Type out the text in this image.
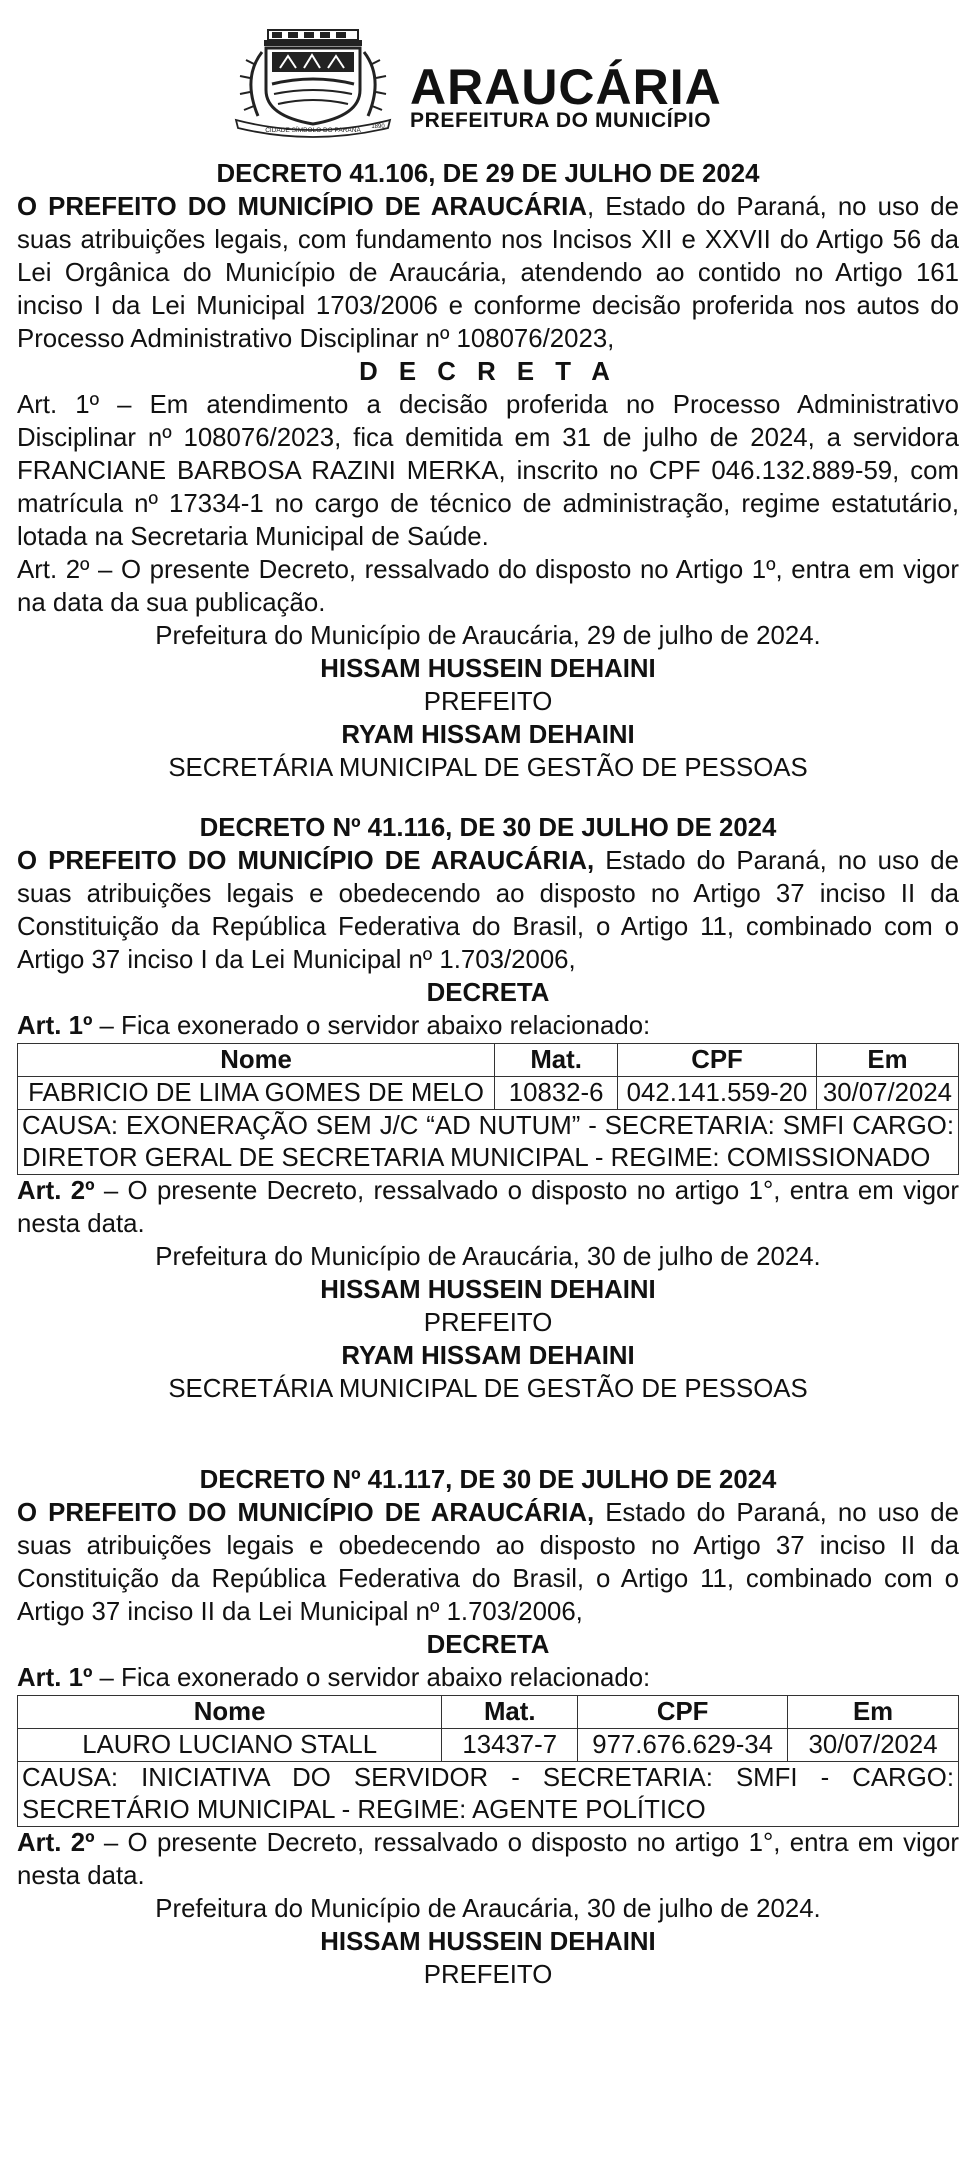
CIDADE SÍMBOLO DO PARANÁ 1890
ARAUCÁRIA
PREFEITURA DO MUNICÍPIO

DECRETO 41.106, DE 29 DE JULHO DE 2024

O PREFEITO DO MUNICÍPIO DE ARAUCÁRIA, Estado do Paraná, no uso de suas atribuições legais, com fundamento nos Incisos XII e XXVII do Artigo 56 da Lei Orgânica do Município de Araucária, atendendo ao contido no Artigo 161 inciso I da Lei Municipal 1703/2006 e conforme decisão proferida nos autos do Processo Administrativo Disciplinar nº 108076/2023,

D E C R E T A

Art. 1º – Em atendimento a decisão proferida no Processo Administrativo Disciplinar nº 108076/2023, fica demitida em 31 de julho de 2024, a servidora FRANCIANE BARBOSA RAZINI MERKA, inscrito no CPF 046.132.889-59, com matrícula nº 17334-1 no cargo de técnico de administração, regime estatutário, lotada na Secretaria Municipal de Saúde.

Art. 2º – O presente Decreto, ressalvado do disposto no Artigo 1º, entra em vigor na data da sua publicação.

Prefeitura do Município de Araucária, 29 de julho de 2024.

HISSAM HUSSEIN DEHAINI

PREFEITO

RYAM HISSAM DEHAINI

SECRETÁRIA MUNICIPAL DE GESTÃO DE PESSOAS

DECRETO Nº 41.116, DE 30 DE JULHO DE 2024

O PREFEITO DO MUNICÍPIO DE ARAUCÁRIA, Estado do Paraná, no uso de suas atribuições legais e obedecendo ao disposto no Artigo 37 inciso II da Constituição da República Federativa do Brasil, o Artigo 11, combinado com o Artigo 37 inciso I da Lei Municipal nº 1.703/2006,

DECRETA

Art. 1º – Fica exonerado o servidor abaixo relacionado:

Nome	Mat.	CPF	Em
FABRICIO DE LIMA GOMES DE MELO	10832-6	042.141.559-20	30/07/2024
CAUSA: EXONERAÇÃO SEM J/C “AD NUTUM” - SECRETARIA: SMFI CARGO: DIRETOR GERAL DE SECRETARIA MUNICIPAL - REGIME: COMISSIONADO			

Art. 2º – O presente Decreto, ressalvado o disposto no artigo 1°, entra em vigor nesta data.

Prefeitura do Município de Araucária, 30 de julho de 2024.

HISSAM HUSSEIN DEHAINI

PREFEITO

RYAM HISSAM DEHAINI

SECRETÁRIA MUNICIPAL DE GESTÃO DE PESSOAS

DECRETO Nº 41.117, DE 30 DE JULHO DE 2024

O PREFEITO DO MUNICÍPIO DE ARAUCÁRIA, Estado do Paraná, no uso de suas atribuições legais e obedecendo ao disposto no Artigo 37 inciso II da Constituição da República Federativa do Brasil, o Artigo 11, combinado com o Artigo 37 inciso II da Lei Municipal nº 1.703/2006,

DECRETA

Art. 1º – Fica exonerado o servidor abaixo relacionado:

Nome	Mat.	CPF	Em
LAURO LUCIANO STALL	13437-7	977.676.629-34	30/07/2024
CAUSA: INICIATIVA DO SERVIDOR - SECRETARIA: SMFI - CARGO: SECRETÁRIO MUNICIPAL - REGIME: AGENTE POLÍTICO			

Art. 2º – O presente Decreto, ressalvado o disposto no artigo 1°, entra em vigor nesta data.

Prefeitura do Município de Araucária, 30 de julho de 2024.

HISSAM HUSSEIN DEHAINI

PREFEITO
